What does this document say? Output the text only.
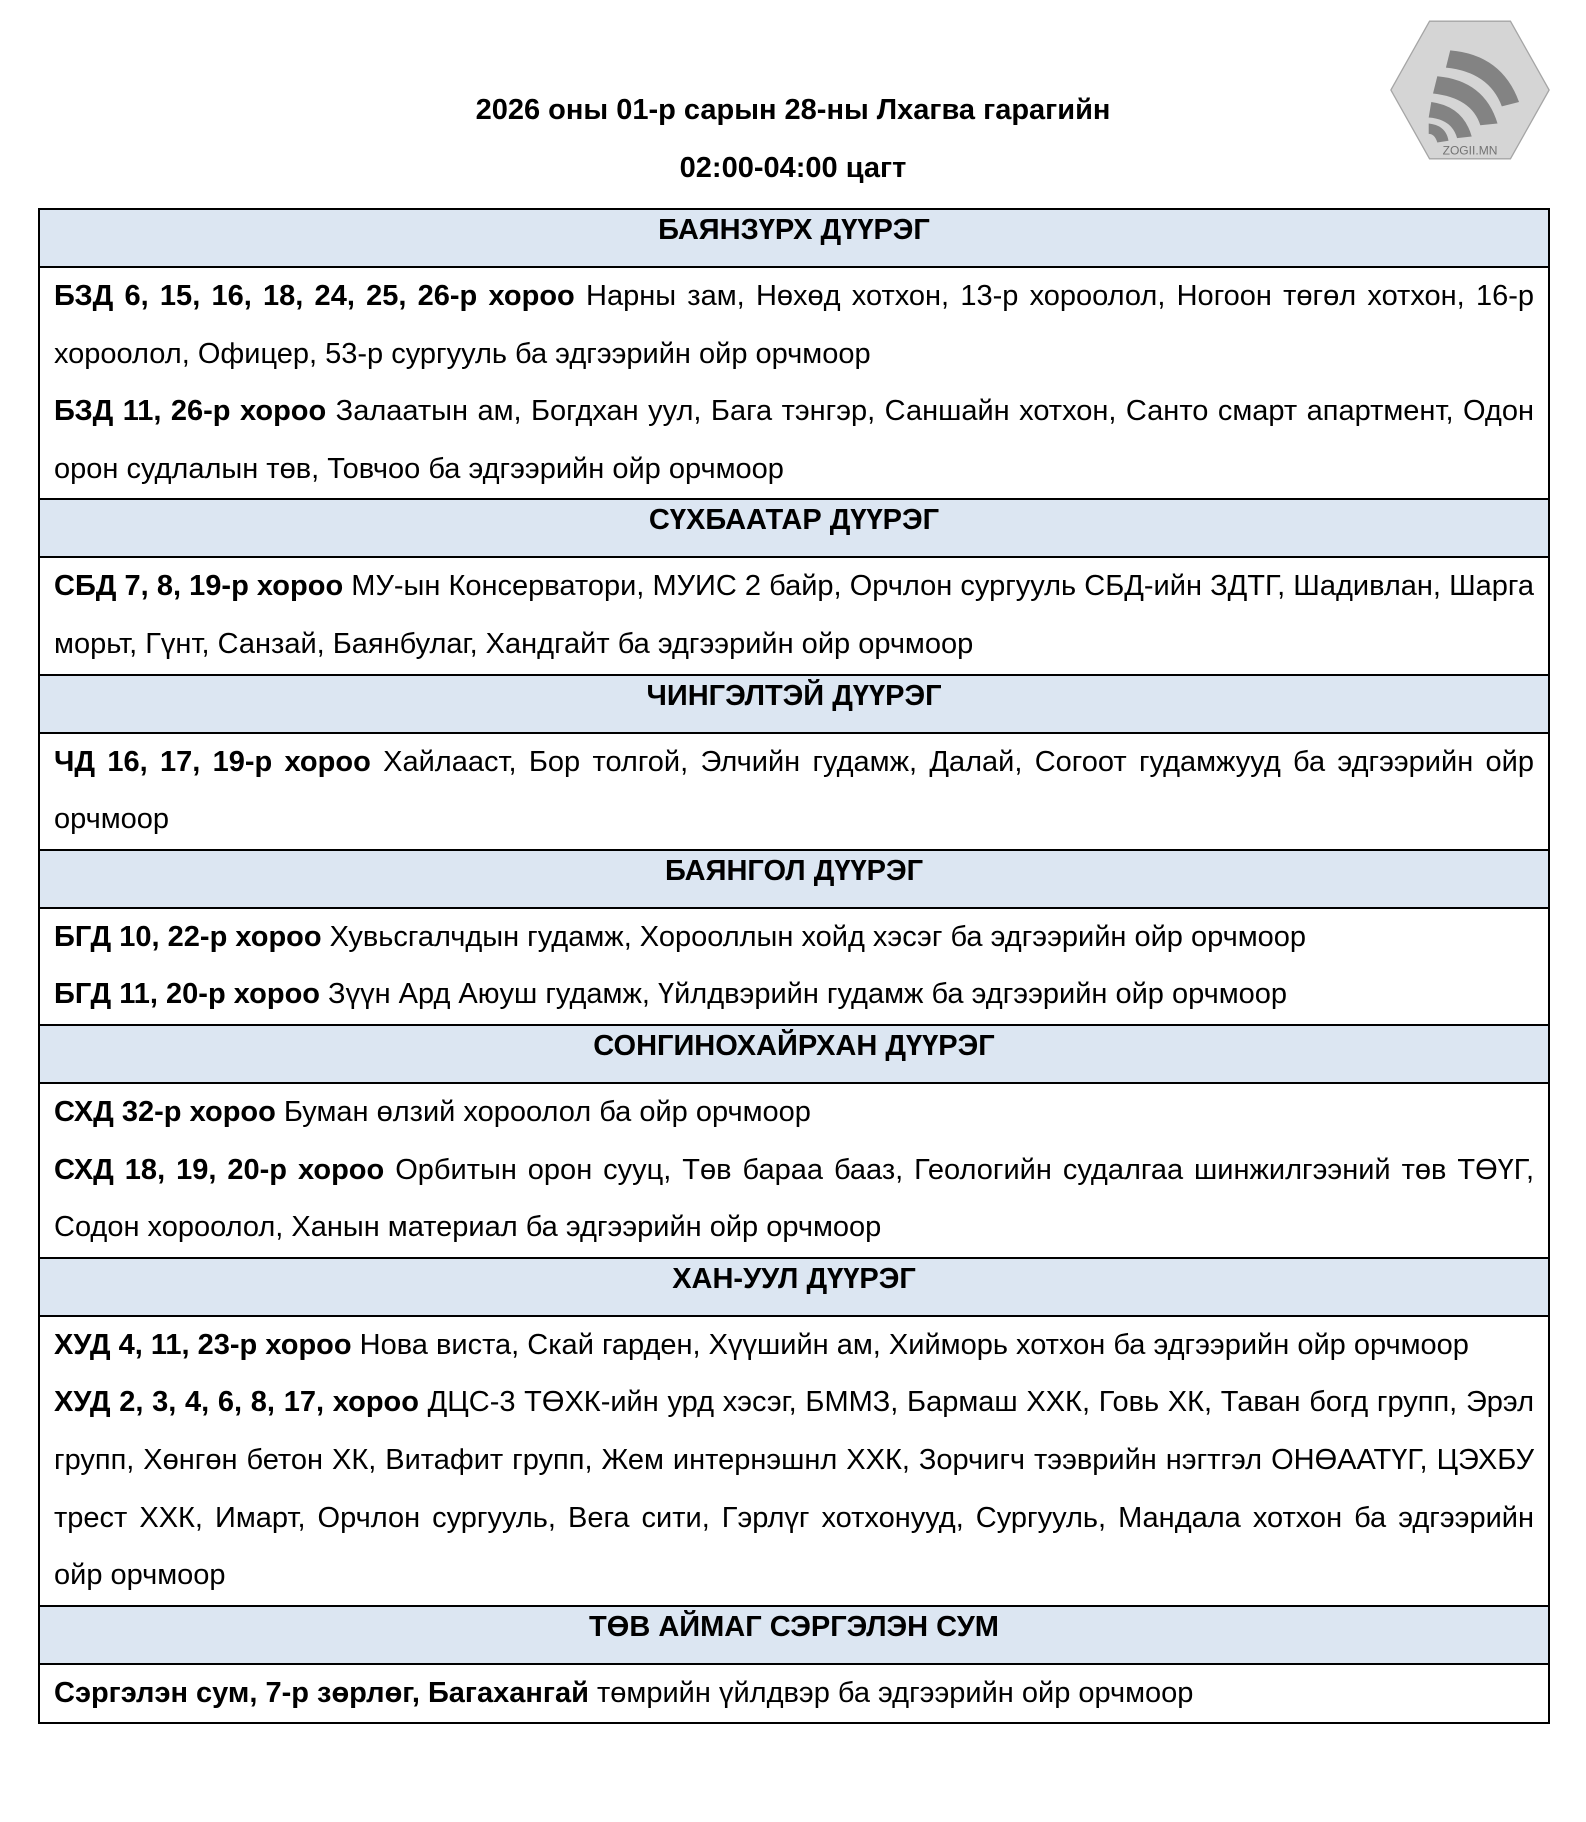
2026 оны 01-р сарын 28-ны Лхагва гарагийн
02:00-04:00 цагт
БАЯНЗҮРХ ДҮҮРЭГ

БЗД 6, 15, 16, 18, 24, 25, 26-р хороо Нарны зам, Нөхөд хотхон, 13-р хороолол, Ногоон төгөл хотхон, 16-р хороолол, Офицер, 53-р сургууль ба эдгээрийн ойр орчмоор
БЗД 11, 26-р хороо Залаатын ам, Богдхан уул, Бага тэнгэр, Саншайн хотхон, Санто смарт апартмент, Одон орон судлалын төв, Товчоо ба эдгээрийн ойр орчмоор

СҮХБААТАР ДҮҮРЭГ

СБД 7, 8, 19-р хороо МУ-ын Консерватори, МУИС 2 байр, Орчлон сургууль СБД-ийн ЗДТГ, Шадивлан, Шарга морьт, Гүнт, Санзай, Баянбулаг, Хандгайт ба эдгээрийн ойр орчмоор

ЧИНГЭЛТЭЙ ДҮҮРЭГ

ЧД 16, 17, 19-р хороо Хайлааст, Бор толгой, Элчийн гудамж, Далай, Согоот гудамжууд ба эдгээрийн ойр орчмоор

БАЯНГОЛ ДҮҮРЭГ

БГД 10, 22-р хороо Хувьсгалчдын гудамж, Хорооллын хойд хэсэг ба эдгээрийн ойр орчмоор
БГД 11, 20-р хороо Зүүн Ард Аюуш гудамж, Үйлдвэрийн гудамж ба эдгээрийн ойр орчмоор

СОНГИНОХАЙРХАН ДҮҮРЭГ

СХД 32-р хороо Буман өлзий хороолол ба ойр орчмоор
СХД 18, 19, 20-р хороо Орбитын орон сууц, Төв бараа бааз, Геологийн судалгаа шинжилгээний төв ТӨҮГ, Содон хороолол, Ханын материал ба эдгээрийн ойр орчмоор

ХАН-УУЛ ДҮҮРЭГ

ХУД 4, 11, 23-р хороо Нова виста, Скай гарден, Хүүшийн ам, Хийморь хотхон ба эдгээрийн ойр орчмоор
ХУД 2, 3, 4, 6, 8, 17, хороо ДЦС-3 ТӨХК-ийн урд хэсэг, БММЗ, Бармаш ХХК, Говь ХК, Таван богд групп, Эрэл групп, Хөнгөн бетон ХК, Витафит групп, Жем интернэшнл ХХК, Зорчигч тээврийн нэгтгэл ОНӨААТҮГ, ЦЭХБУ трест ХХК, Имарт, Орчлон сургууль, Вега сити, Гэрлүг хотхонууд, Сургууль, Мандала хотхон ба эдгээрийн ойр орчмоор

ТӨВ АЙМАГ СЭРГЭЛЭН СУМ

Сэргэлэн сум, 7-р зөрлөг, Багахангай төмрийн үйлдвэр ба эдгээрийн ойр орчмоор
ZOGII.MN
